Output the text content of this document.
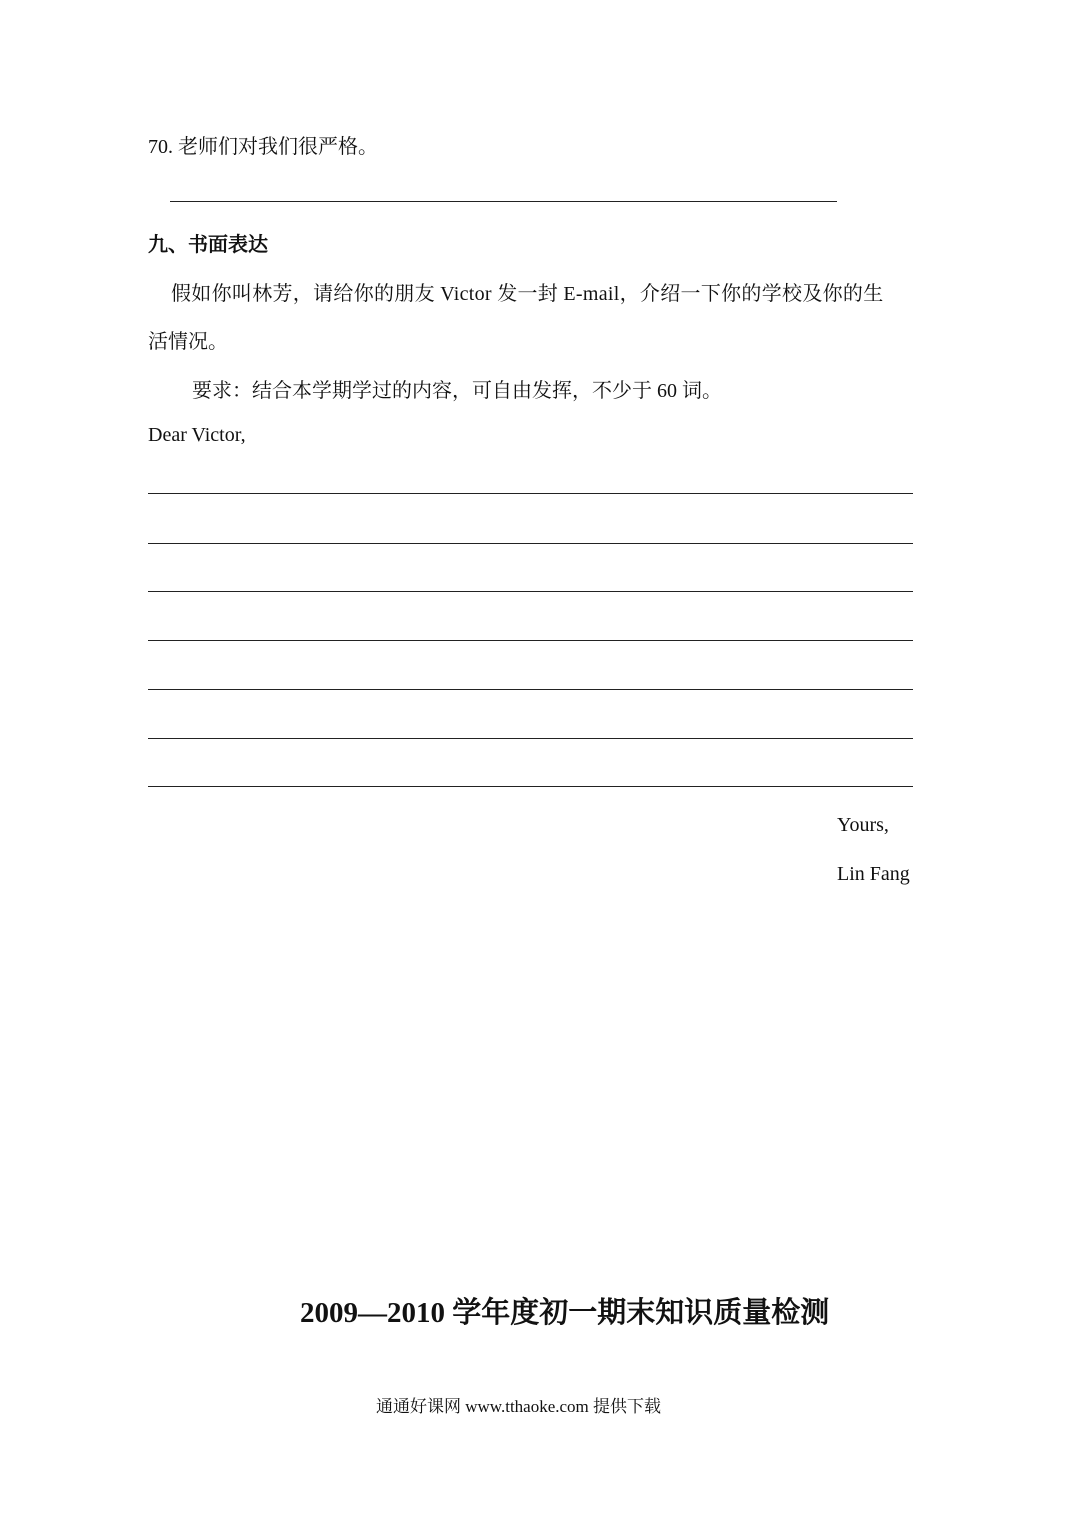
70. 老师们对我们很严格。
九、书面表达
假如你叫林芳，请给你的朋友 Victor 发一封 E-mail，介绍一下你的学校及你的生
活情况。
要求：结合本学期学过的内容，可自由发挥，不少于 60 词。
Dear Victor,
Yours,
Lin Fang
2009—2010 学年度初一期末知识质量检测
通通好课网 www.tthaoke.com 提供下载
